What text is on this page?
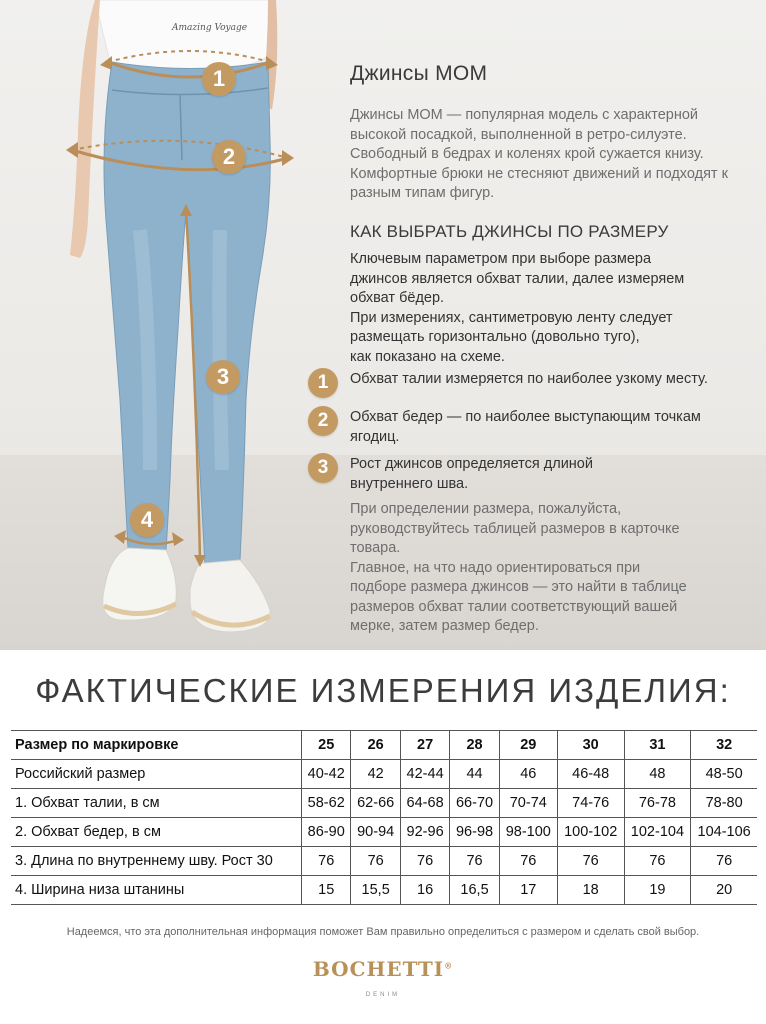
Amazing Voyage
1
2
3
4
Джинсы MOM
Джинсы MOM — популярная модель с характерной высокой посадкой, выполненной в ретро-силуэте. Свободный в бедрах и коленях крой сужается книзу. Комфортные брюки не стесняют движений и подходят к разным типам фигур.
КАК ВЫБРАТЬ ДЖИНСЫ ПО РАЗМЕРУ
Ключевым параметром при выборе размера
джинсов является обхват талии, далее измеряем
обхват бёдер.
При измерениях, сантиметровую ленту следует
размещать горизонтально (довольно туго),
как показано на схеме.
1	Обхват талии измеряется по наиболее узкому месту.
2	Обхват бедер — по наиболее выступающим точкам ягодиц.
3	Рост джинсов определяется длиной внутреннего шва.
При определении размера, пожалуйста,
руководствуйтесь таблицей размеров в карточке
товара.
Главное, на что надо ориентироваться при
подборе размера джинсов — это найти в таблице
размеров обхват талии соответствующий вашей
мерке, затем размер бедер.
ФАКТИЧЕСКИЕ ИЗМЕРЕНИЯ ИЗДЕЛИЯ:
Размер по маркировке	25	26	27	28	29	30	31	32
Российский размер	40-42	42	42-44	44	46	46-48	48	48-50
1. Обхват талии, в см	58-62	62-66	64-68	66-70	70-74	74-76	76-78	78-80
2. Обхват бедер, в см	86-90	90-94	92-96	96-98	98-100	100-102	102-104	104-106
3. Длина по внутреннему шву. Рост 30	76	76	76	76	76	76	76	76
4. Ширина низа штанины	15	15,5	16	16,5	17	18	19	20
Надеемся, что эта дополнительная информация поможет Вам правильно определиться с размером и сделать свой выбор.
BOCHETTI®
DENIM
